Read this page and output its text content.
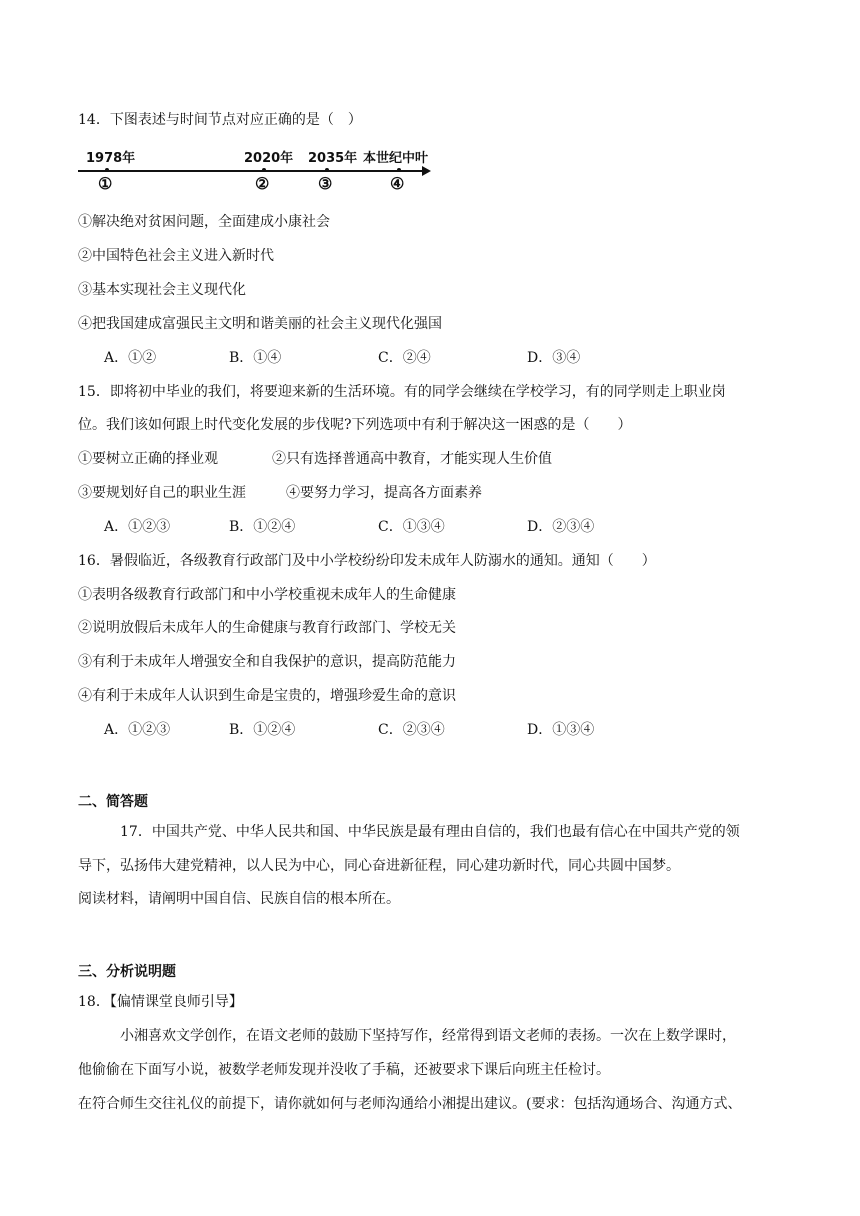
14．下图表述与时间节点对应正确的是（　）
1978年	2020年 2035年 本世纪中叶
①	②	③	④
①解决绝对贫困问题，全面建成小康社会
②中国特色社会主义进入新时代
③基本实现社会主义现代化
④把我国建成富强民主文明和谐美丽的社会主义现代化强国
A．①②	B．①④	C．②④	D．③④
15．即将初中毕业的我们，将要迎来新的生活环境。有的同学会继续在学校学习，有的同学则走上职业岗
位。我们该如何跟上时代变化发展的步伐呢?下列选项中有利于解决这一困惑的是（　　）
①要树立正确的择业观	②只有选择普通高中教育，才能实现人生价值
③要规划好自己的职业生涯	④要努力学习，提高各方面素养
A．①②③	B．①②④	C．①③④	D．②③④
16．暑假临近，各级教育行政部门及中小学校纷纷印发未成年人防溺水的通知。通知（　　）
①表明各级教育行政部门和中小学校重视未成年人的生命健康
②说明放假后未成年人的生命健康与教育行政部门、学校无关
③有利于未成年人增强安全和自我保护的意识，提高防范能力
④有利于未成年人认识到生命是宝贵的，增强珍爱生命的意识
A．①②③	B．①②④	C．②③④	D．①③④
二、简答题
17．中国共产党、中华人民共和国、中华民族是最有理由自信的，我们也最有信心在中国共产党的领
导下，弘扬伟大建党精神，以人民为中心，同心奋进新征程，同心建功新时代，同心共圆中国梦。
阅读材料，请阐明中国自信、民族自信的根本所在。
三、分析说明题
18．【偏情课堂良师引导】
小湘喜欢文学创作，在语文老师的鼓励下坚持写作，经常得到语文老师的表扬。一次在上数学课时，
他偷偷在下面写小说，被数学老师发现并没收了手稿，还被要求下课后向班主任检讨。
在符合师生交往礼仪的前提下，请你就如何与老师沟通给小湘提出建议。(要求：包括沟通场合、沟通方式、
